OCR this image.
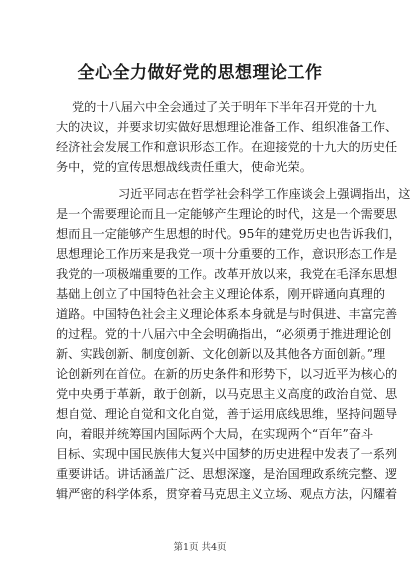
全心全力做好党的思想理论工作
党的十八届六中全会通过了关于明年下半年召开党的十九
大的决议，并要求切实做好思想理论准备工作、组织准备工作、
经济社会发展工作和意识形态工作。在迎接党的十九大的历史任
务中，党的宣传思想战线责任重大，使命光荣。
习近平同志在哲学社会科学工作座谈会上强调指出，这
是一个需要理论而且一定能够产生理论的时代，这是一个需要思
想而且一定能够产生思想的时代。95年的建党历史也告诉我们，
思想理论工作历来是我党一项十分重要的工作，意识形态工作是
我党的一项极端重要的工作。改革开放以来，我党在毛泽东思想
基础上创立了中国特色社会主义理论体系，刚开辟通向真理的
道路。中国特色社会主义理论体系本身就是与时俱进、丰富完善
的过程。党的十八届六中全会明确指出，“必须勇于推进理论创
新、实践创新、制度创新、文化创新以及其他各方面创新。”理
论创新列在首位。在新的历史条件和形势下，以习近平为核心的
党中央勇于革新，敢于创新，以马克思主义高度的政治自觉、思
想自觉、理论自觉和文化自觉，善于运用底线思维，坚持问题导
向，着眼并统筹国内国际两个大局，在实现两个“百年”奋斗
目标、实现中国民族伟大复兴中国梦的历史进程中发表了一系列
重要讲话。讲话涵盖广泛、思想深邃，是治国理政系统完整、逻
辑严密的科学体系，贯穿着马克思主义立场、观点方法，闪耀着
第1页 共4页
